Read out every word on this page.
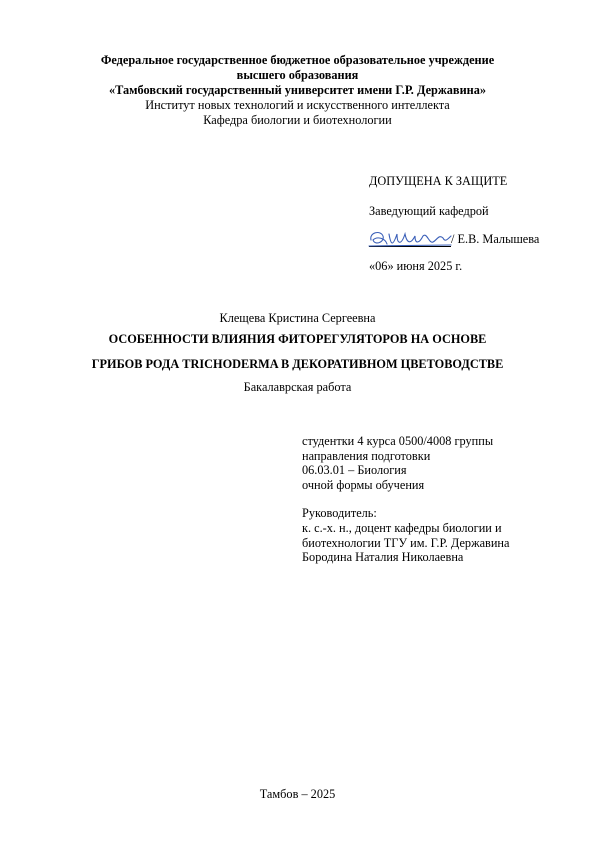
Федеральное государственное бюджетное образовательное учреждение
высшего образования
«Тамбовский государственный университет имени Г.Р. Державина»
Институт новых технологий и искусственного интеллекта
Кафедра биологии и биотехнологии
ДОПУЩЕНА К ЗАЩИТЕ
Заведующий кафедрой
/ Е.В. Малышева
«06» июня 2025 г.
Клещева Кристина Сергеевна
ОСОБЕННОСТИ ВЛИЯНИЯ ФИТОРЕГУЛЯТОРОВ НА ОСНОВЕ
ГРИБОВ РОДА TRICHODERMA В ДЕКОРАТИВНОМ ЦВЕТОВОДСТВЕ
Бакалаврская работа
студентки 4 курса 0500/4008 группы
направления подготовки
06.03.01 – Биология
очной формы обучения
Руководитель:
к. с.-х. н., доцент кафедры биологии и
биотехнологии ТГУ им. Г.Р. Державина
Бородина Наталия Николаевна
Тамбов – 2025
